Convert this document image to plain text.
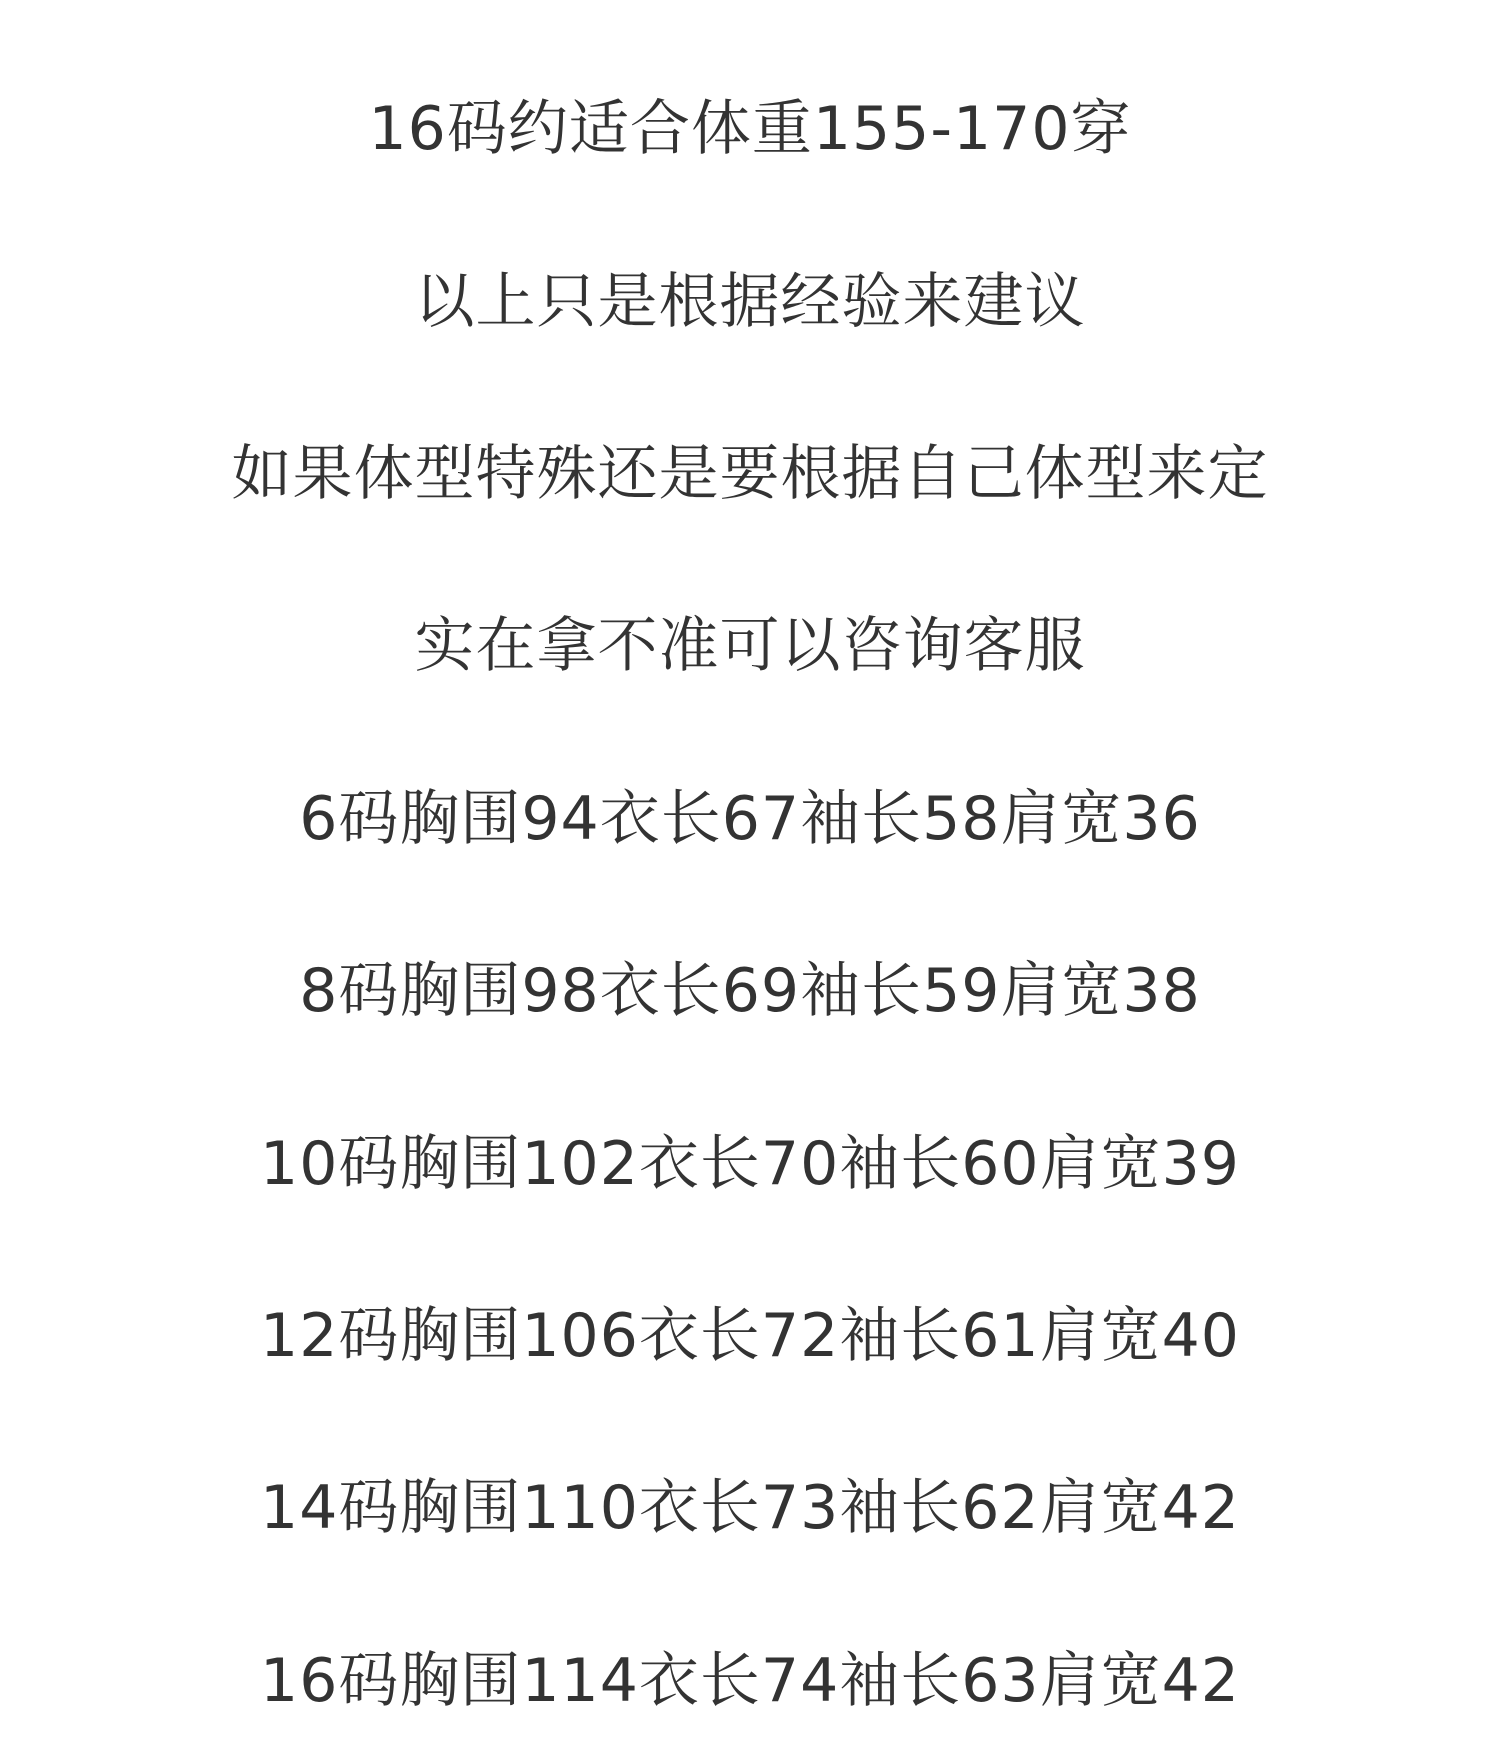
16码约适合体重155-170穿

以上只是根据经验来建议

如果体型特殊还是要根据自己体型来定

实在拿不准可以咨询客服

6码胸围94衣长67袖长58肩宽36

8码胸围98衣长69袖长59肩宽38

10码胸围102衣长70袖长60肩宽39

12码胸围106衣长72袖长61肩宽40

14码胸围110衣长73袖长62肩宽42

16码胸围114衣长74袖长63肩宽42
